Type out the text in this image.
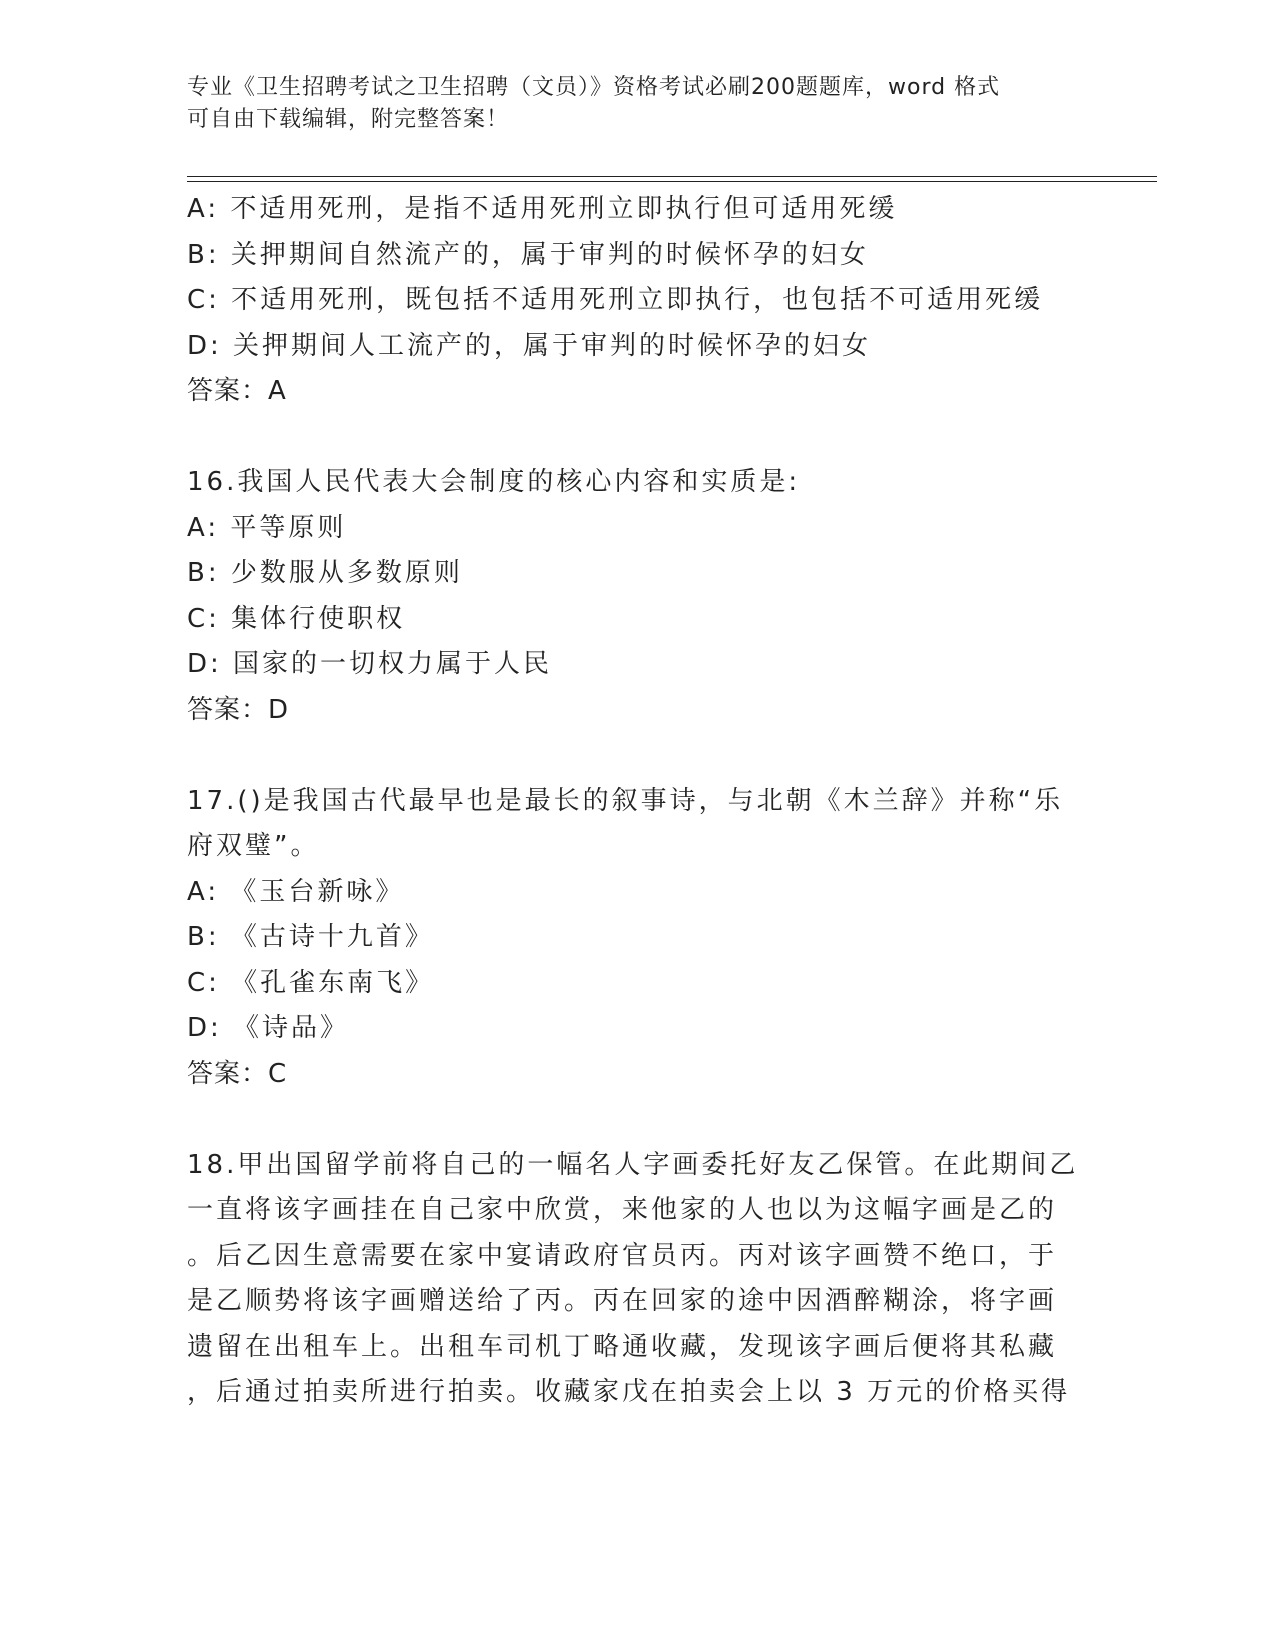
专业《卫生招聘考试之卫生招聘（文员）》资格考试必刷200题题库，word 格式
可自由下载编辑，附完整答案！
A: 不适用死刑，是指不适用死刑立即执行但可适用死缓
B: 关押期间自然流产的，属于审判的时候怀孕的妇女
C: 不适用死刑，既包括不适用死刑立即执行，也包括不可适用死缓
D: 关押期间人工流产的，属于审判的时候怀孕的妇女
答案：A
16.我国人民代表大会制度的核心内容和实质是:
A: 平等原则
B: 少数服从多数原则
C: 集体行使职权
D: 国家的一切权力属于人民
答案：D
17.()是我国古代最早也是最长的叙事诗，与北朝《木兰辞》并称“乐
府双璧”。
A: 《玉台新咏》
B: 《古诗十九首》
C: 《孔雀东南飞》
D: 《诗品》
答案：C
18.甲出国留学前将自己的一幅名人字画委托好友乙保管。在此期间乙
一直将该字画挂在自己家中欣赏，来他家的人也以为这幅字画是乙的
。后乙因生意需要在家中宴请政府官员丙。丙对该字画赞不绝口，于
是乙顺势将该字画赠送给了丙。丙在回家的途中因酒醉糊涂，将字画
遗留在出租车上。出租车司机丁略通收藏，发现该字画后便将其私藏
，后通过拍卖所进行拍卖。收藏家戊在拍卖会上以 3 万元的价格买得
